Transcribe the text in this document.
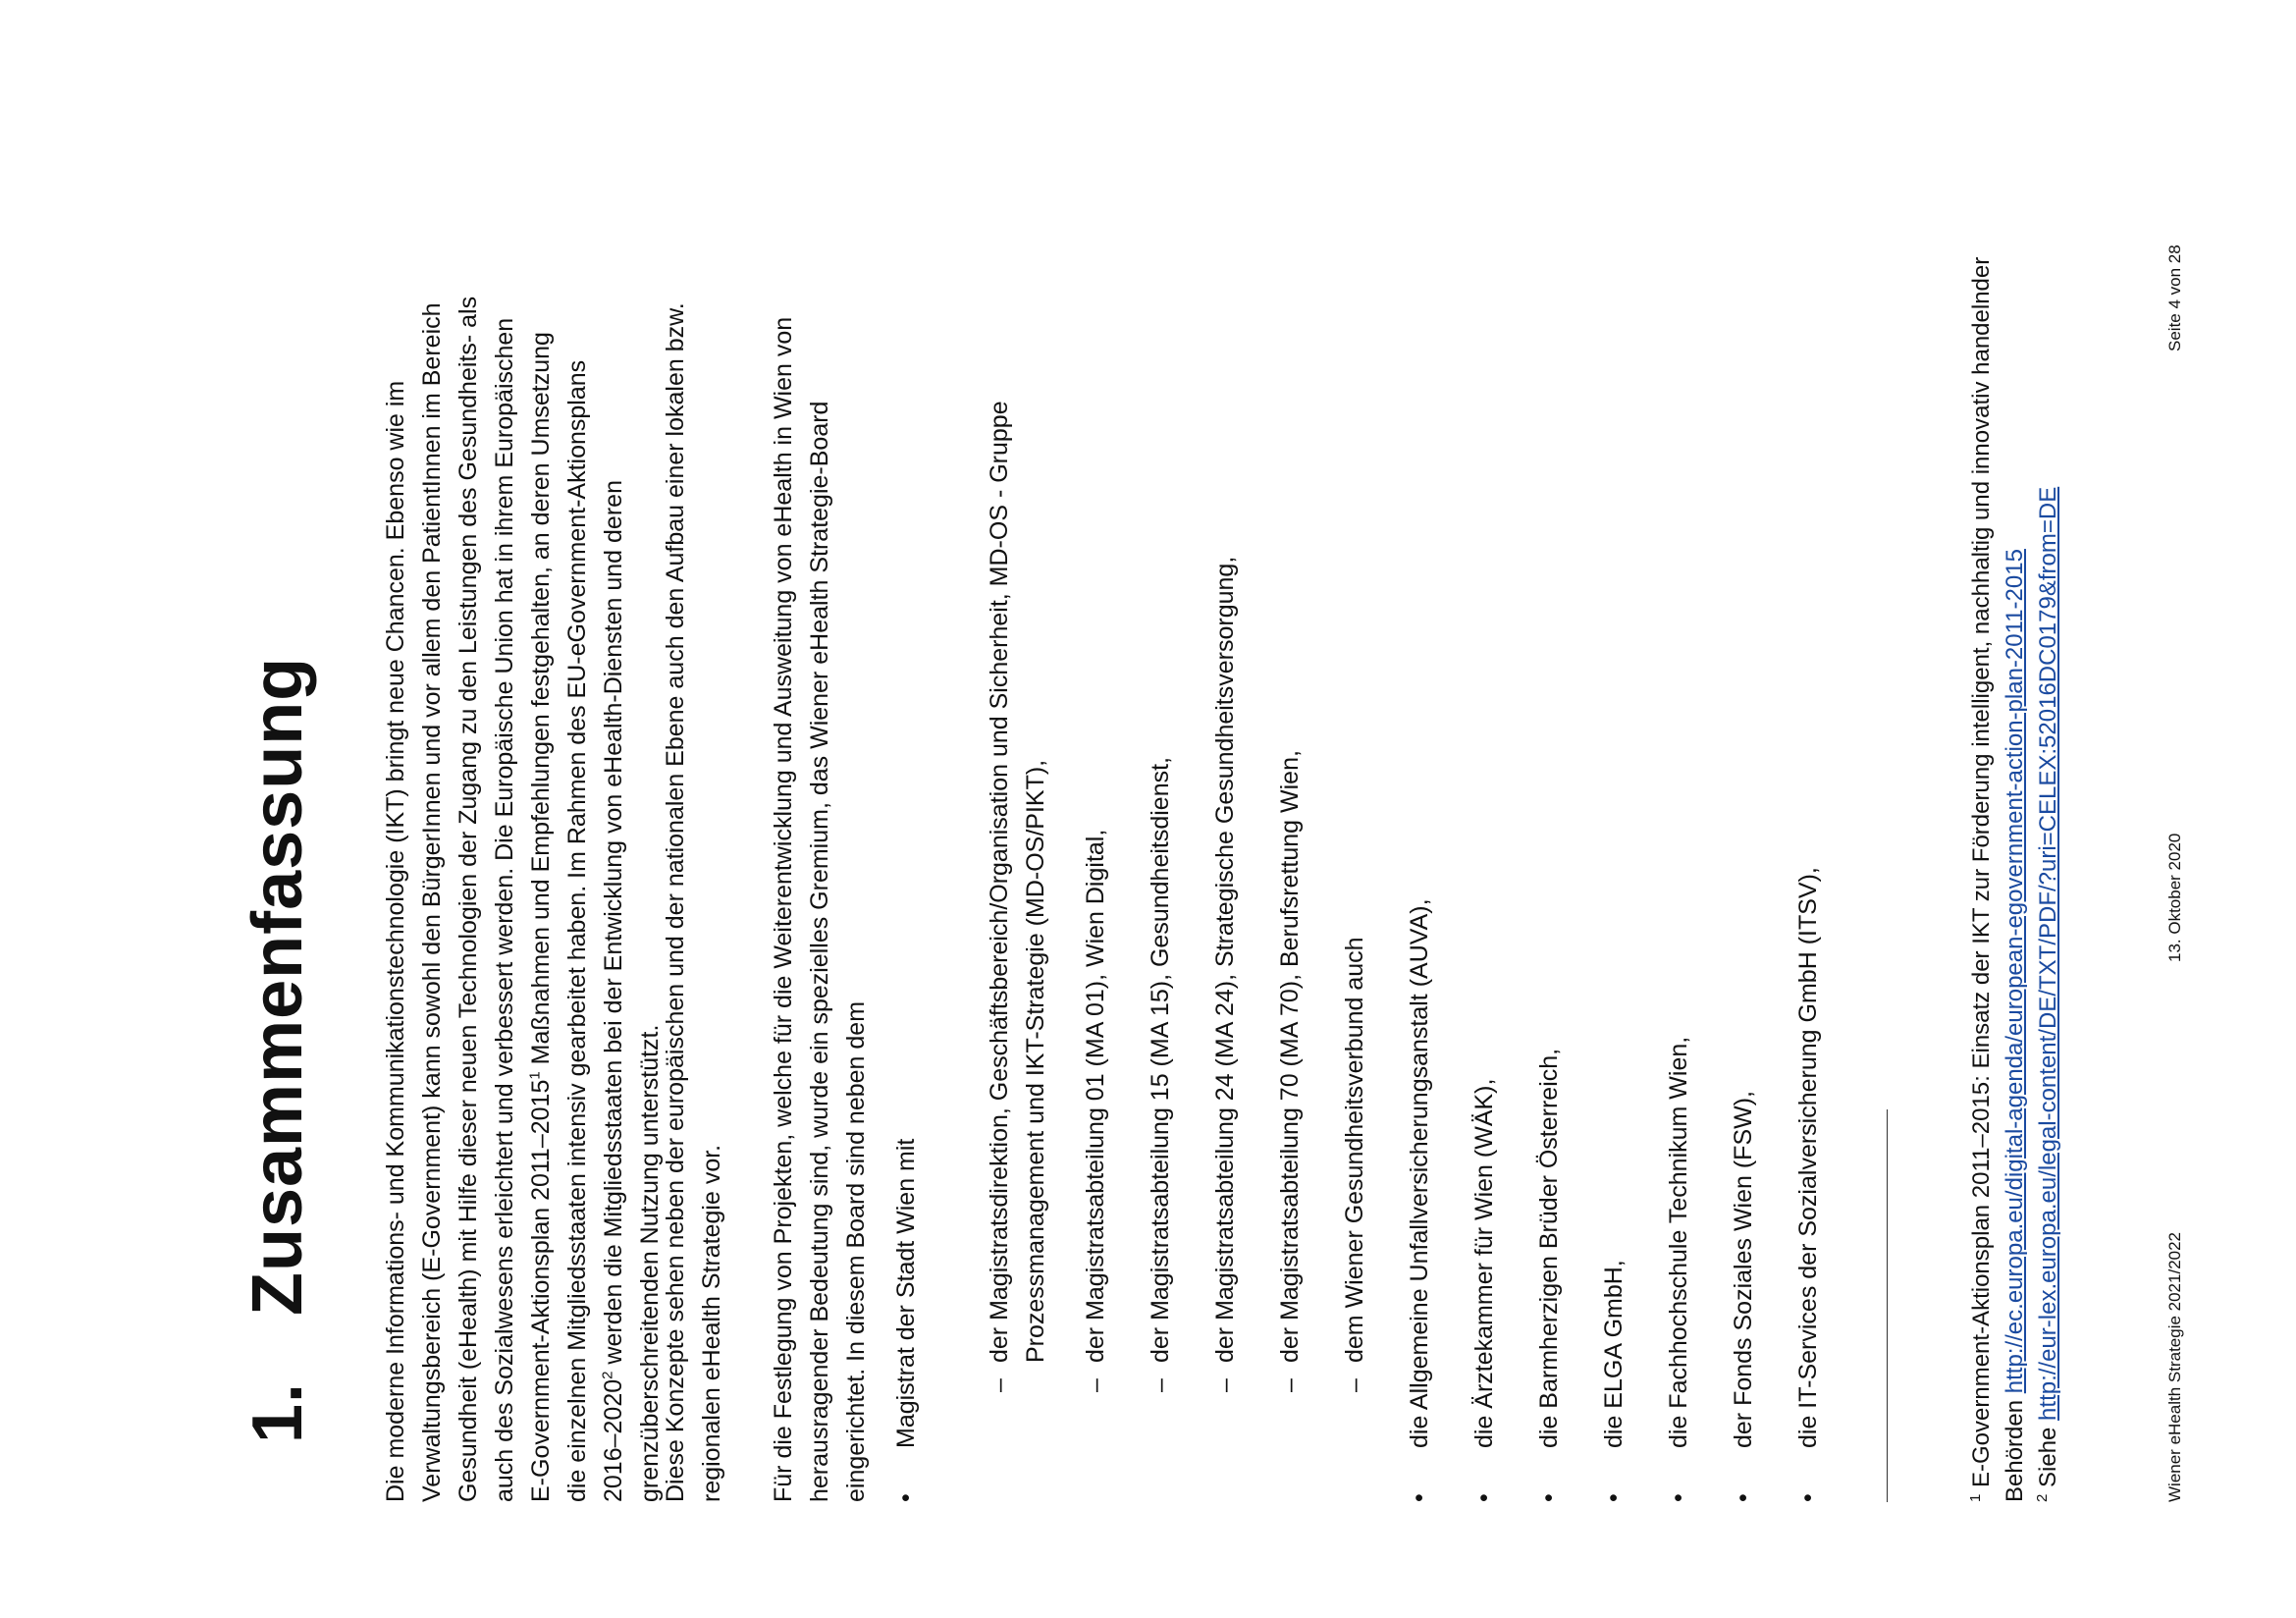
1.Zusammenfassung	Die moderne Informations- und Kommunikationstechnologie (IKT) bringt neue Chancen. Ebenso wie im Verwaltungsbereich (E-Government) kann sowohl den BürgerInnen und vor allem den PatientInnen im Bereich Gesundheit (eHealth) mit Hilfe dieser neuen Technologien der Zugang zu den Leistungen des Gesundheits- als auch des Sozialwesens erleichtert und verbessert werden. Die Europäische Union hat in ihrem Europäischen E-Government-Aktionsplan 2011–2015$^1$ Maßnahmen und Empfehlungen festgehalten, an deren Umsetzung die einzelnen Mitgliedsstaaten intensiv gearbeitet haben. Im Rahmen des EU-eGovernment-Aktionsplans 2016–2020$^2$ werden die Mitgliedsstaaten bei der Entwicklung von eHealth-Diensten und deren grenzüberschreitenden Nutzung unterstützt.

Diese Konzepte sehen neben der europäischen und der nationalen Ebene auch den Aufbau einer lokalen bzw. regionalen eHealth Strategie vor. Für die Festlegung von Projekten, welche für die Weiterentwicklung und Ausweitung von eHealth in Wien von herausragender Bedeutung sind, wurde ein spezielles Gremium, das Wiener eHealth Strategie-Board eingerichtet. In diesem Board sind neben dem •
Magistrat der Stadt Wien mit	–
der Magistratsdirektion, Geschäftsbereich/Organisation und Sicherheit, MD-OS - Gruppe Prozessmanagement und IKT-Strategie (MD-OS/PIKT),
–
der Magistratsabteilung 01 (MA 01), Wien Digital,
–
der Magistratsabteilung 15 (MA 15), Gesundheitsdienst,
–
der Magistratsabteilung 24 (MA 24), Strategische Gesundheitsversorgung,
–
der Magistratsabteilung 70 (MA 70), Berufsrettung Wien,
–
dem Wiener Gesundheitsverbund auch
•
die Allgemeine Unfallversicherungsanstalt (AUVA),
•
die Ärztekammer für Wien (WÄK),
•
die Barmherzigen Brüder Österreich,
•
die ELGA GmbH,
•
die Fachhochschule Technikum Wien,
•
der Fonds Soziales Wien (FSW),
•
die IT-Services der Sozialversicherung GmbH (ITSV),

$^1$ E-Government-Aktionsplan 2011–2015: Einsatz der IKT zur Förderung intelligent, nachhaltig und innovativ handelnder Behörden http://ec.europa.eu/digital-agenda/european-egovernment-action-plan-2011-2015

$^2$ Siehe http://eur-lex.europa.eu/legal-content/DE/TXT/PDF/?uri=CELEX:52016DC0179&from=DE	Wiener eHealth Strategie 2021/2022
13. Oktober 2020
Seite 4 von 28
